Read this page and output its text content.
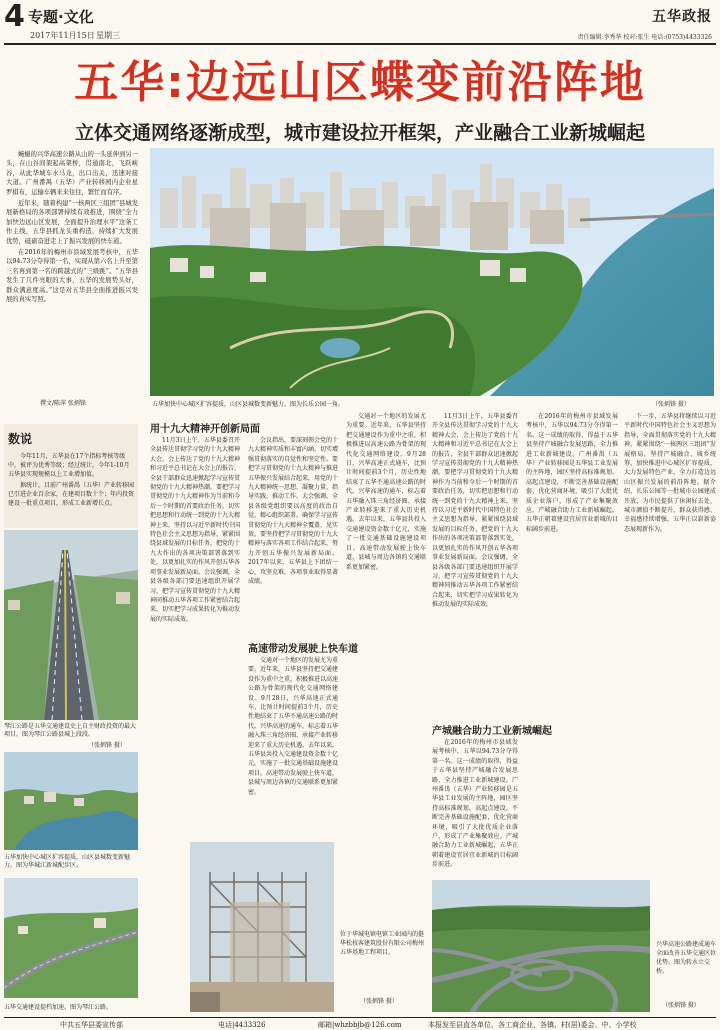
4 专题·文化
2017年11月15日 星期三
五华政报
责任编辑:李秀华 校对:张生 电话:(0753)4433326
五华:边远山区蝶变前沿阵地
立体交通网络逐渐成型，城市建设拉开框架，产业融合工业新城崛起

蜿蜒的兴华高速公路从山的一头延伸到另一头，在山谷间架起高架桥，贯通南北，飞跃峡谷，从此华城车水马龙，出口出关，迅速对接大道。广州番禺（五华）产业转移园内企业星罗棋布，运输车辆来来往往，繁忙而有序。

近年来，随着构建“一核两区三组团”县城发展新格局的各项部署持续有效推进，围绕“全力加快边远山区发展，全面提升治理水平”这条工作主线，五华县抓龙头重构造，持续扩大发展优势，砥砺奋进走上了振兴发展的快车道。

在2016年的梅州市县域发展考核中，五华以94.73分夺得第一名，实现从第六名上升至第三名再到第一名的跨越式的“三级跳”。“五华县发生了几件亮眼的大事，五华的发展势头好，群众满意度高。”这是对五华县全面推进振兴发展的真实写照。

撰文/陈萍 张炳锋	五华加快中心城区扩容提质，山区县城数变新魅力。图为长乐公园一角。	（张炳锋 摄）
数说

今年11月，五华县在17个指标考核等级中，被评为优秀等级；经过统计，今年1-10月五华县实现规模以上工业增加值。

据统计，目前广州番禺（五华）产业转移园已引进企业百余家，在建项目数十个；年内投资建设一批重点项目，形成工业新增长点。

琴江公路是五华交通建设史上自主财政投资的最大项目，图为琴江公路县城上段段。
（张炳锋 摄）
五华加快中心城区扩容提质，山区县城数变新魅力。图为华城江新城配步区。
五华交通建设提档加速。图为琴江公路。
用十九大精神开创新局面
高速带动发展驶上快车道
产城融合助力工业新城崛起
11月3日上午，五华县委召开全县传达贯彻学习党的十九大精神大会，会上传达了党的十九大精神和习近平总书记在大会上的报告，全县干部群众迅速掀起学习宣传贯彻党的十九大精神热潮。要把学习贯彻党的十九大精神作为当前和今后一个时期的首要政治任务，切实把思想和行动统一到党的十九大精神上来。坚持以习近平新时代中国特色社会主义思想为指导，紧紧围绕县域发展的目标任务，把党的十九大作出的各项决策部署落到实处，以更加扎实的作风开创五华各项事业发展新局面。会议强调，全县各级各部门要迅速组织开展学习，把学习宣传贯彻党的十九大精神同推动五华各项工作紧密结合起来，切实把学习成果转化为推动发展的实际成效。
会议指出，要深刻领会党的十九大精神实质和丰富内涵，切实增强贯彻落实的自觉性和坚定性。要把学习贯彻党的十九大精神与推进五华振兴发展结合起来，用党的十九大精神统一思想、凝聚力量、指导实践、推动工作。大会强调，全县各级党组织要以高度的政治自觉，精心组织部署，确保学习宣传贯彻党的十九大精神全覆盖、见实效。要坚持把学习贯彻党的十九大精神与落实各项工作结合起来，努力开创五华振兴发展新局面。2017年以来，五华县上下团结一心，攻坚克难，各项事业取得显著成绩。
交通对一个地区的发展尤为重要。近年来，五华县坚持把交通建设作为重中之重，积极推进以高速公路为骨架的现代化交通网络建设。9月28日，兴华高速正式通车，比预计时间提前3个月，历史性地结束了五华不通高速公路的时代。兴华高速的通车，标志着五华融入珠三角经济圈、承接产业转移迎来了重大历史机遇。去年以来，五华县共投入交通建设资金数十亿元，实施了一批交通基础设施建设项目。高速带动发展驶上快车道，县城与周边各镇的交通联系更加紧密。
交通对一个地区的发展尤为重要。近年来，五华县坚持把交通建设作为重中之重，积极推进以高速公路为骨架的现代化交通网络建设。9月28日，兴华高速正式通车，比预计时间提前3个月，历史性地结束了五华不通高速公路的时代。兴华高速的通车，标志着五华融入珠三角经济圈、承接产业转移迎来了重大历史机遇。去年以来，五华县共投入交通建设资金数十亿元，实施了一批交通基础设施建设项目。高速带动发展驶上快车道，县城与周边各镇的交通联系更加紧密。
11月3日上午，五华县委召开全县传达贯彻学习党的十九大精神大会，会上传达了党的十九大精神和习近平总书记在大会上的报告，全县干部群众迅速掀起学习宣传贯彻党的十九大精神热潮。要把学习贯彻党的十九大精神作为当前和今后一个时期的首要政治任务，切实把思想和行动统一到党的十九大精神上来。坚持以习近平新时代中国特色社会主义思想为指导，紧紧围绕县域发展的目标任务，把党的十九大作出的各项决策部署落到实处，以更加扎实的作风开创五华各项事业发展新局面。会议强调，全县各级各部门要迅速组织开展学习，把学习宣传贯彻党的十九大精神同推动五华各项工作紧密结合起来，切实把学习成果转化为推动发展的实际成效。
在2016年的梅州市县域发展考核中，五华以94.73分夺得第一名。这一成绩的取得，得益于五华县坚持产城融合发展思路，全力推进工业新城建设。广州番禺（五华）产业转移园是五华县工业发展的主阵地，园区坚持高标准规划、高起点建设，不断完善基础设施配套，优化营商环境，吸引了大批优质企业落户，形成了产业集聚效应。产城融合助力工业新城崛起，五华正朝着建设宜居宜业新城的目标阔步前进。
在2016年的梅州市县域发展考核中，五华以94.73分夺得第一名。这一成绩的取得，得益于五华县坚持产城融合发展思路，全力推进工业新城建设。广州番禺（五华）产业转移园是五华县工业发展的主阵地，园区坚持高标准规划、高起点建设，不断完善基础设施配套，优化营商环境，吸引了大批优质企业落户，形成了产业集聚效应。产城融合助力工业新城崛起，五华正朝着建设宜居宜业新城的目标阔步前进。
下一步，五华县将继续以习近平新时代中国特色社会主义思想为指导，全面贯彻落实党的十九大精神，紧紧围绕“一核两区三组团”发展格局，坚持产城融合、城乡统筹，加快推进中心城区扩容提质，大力发展特色产业，全力打造边远山区振兴发展的前沿阵地。据介绍，长乐公园等一批城市公园建成开放，为市民提供了休闲好去处，城市颜值不断提升，群众获得感、幸福感持续增强，五华正以崭新姿态展现新作为。
位于华城电镇电镇工业园内的挺华松枝客建筑股份有限公司梅州五华基地工程项目。
（张炳锋 摄）
兴华高速公路建成通车全面改善五华交通区位优势。图为转水立交桥。
（张炳锋 摄）
中共五华县委宣传部	电话|4433326	邮箱|whzbbjb@126.com	本报发至县直各单位、各工商企业、各镇、村(居)委会、中、小学校
